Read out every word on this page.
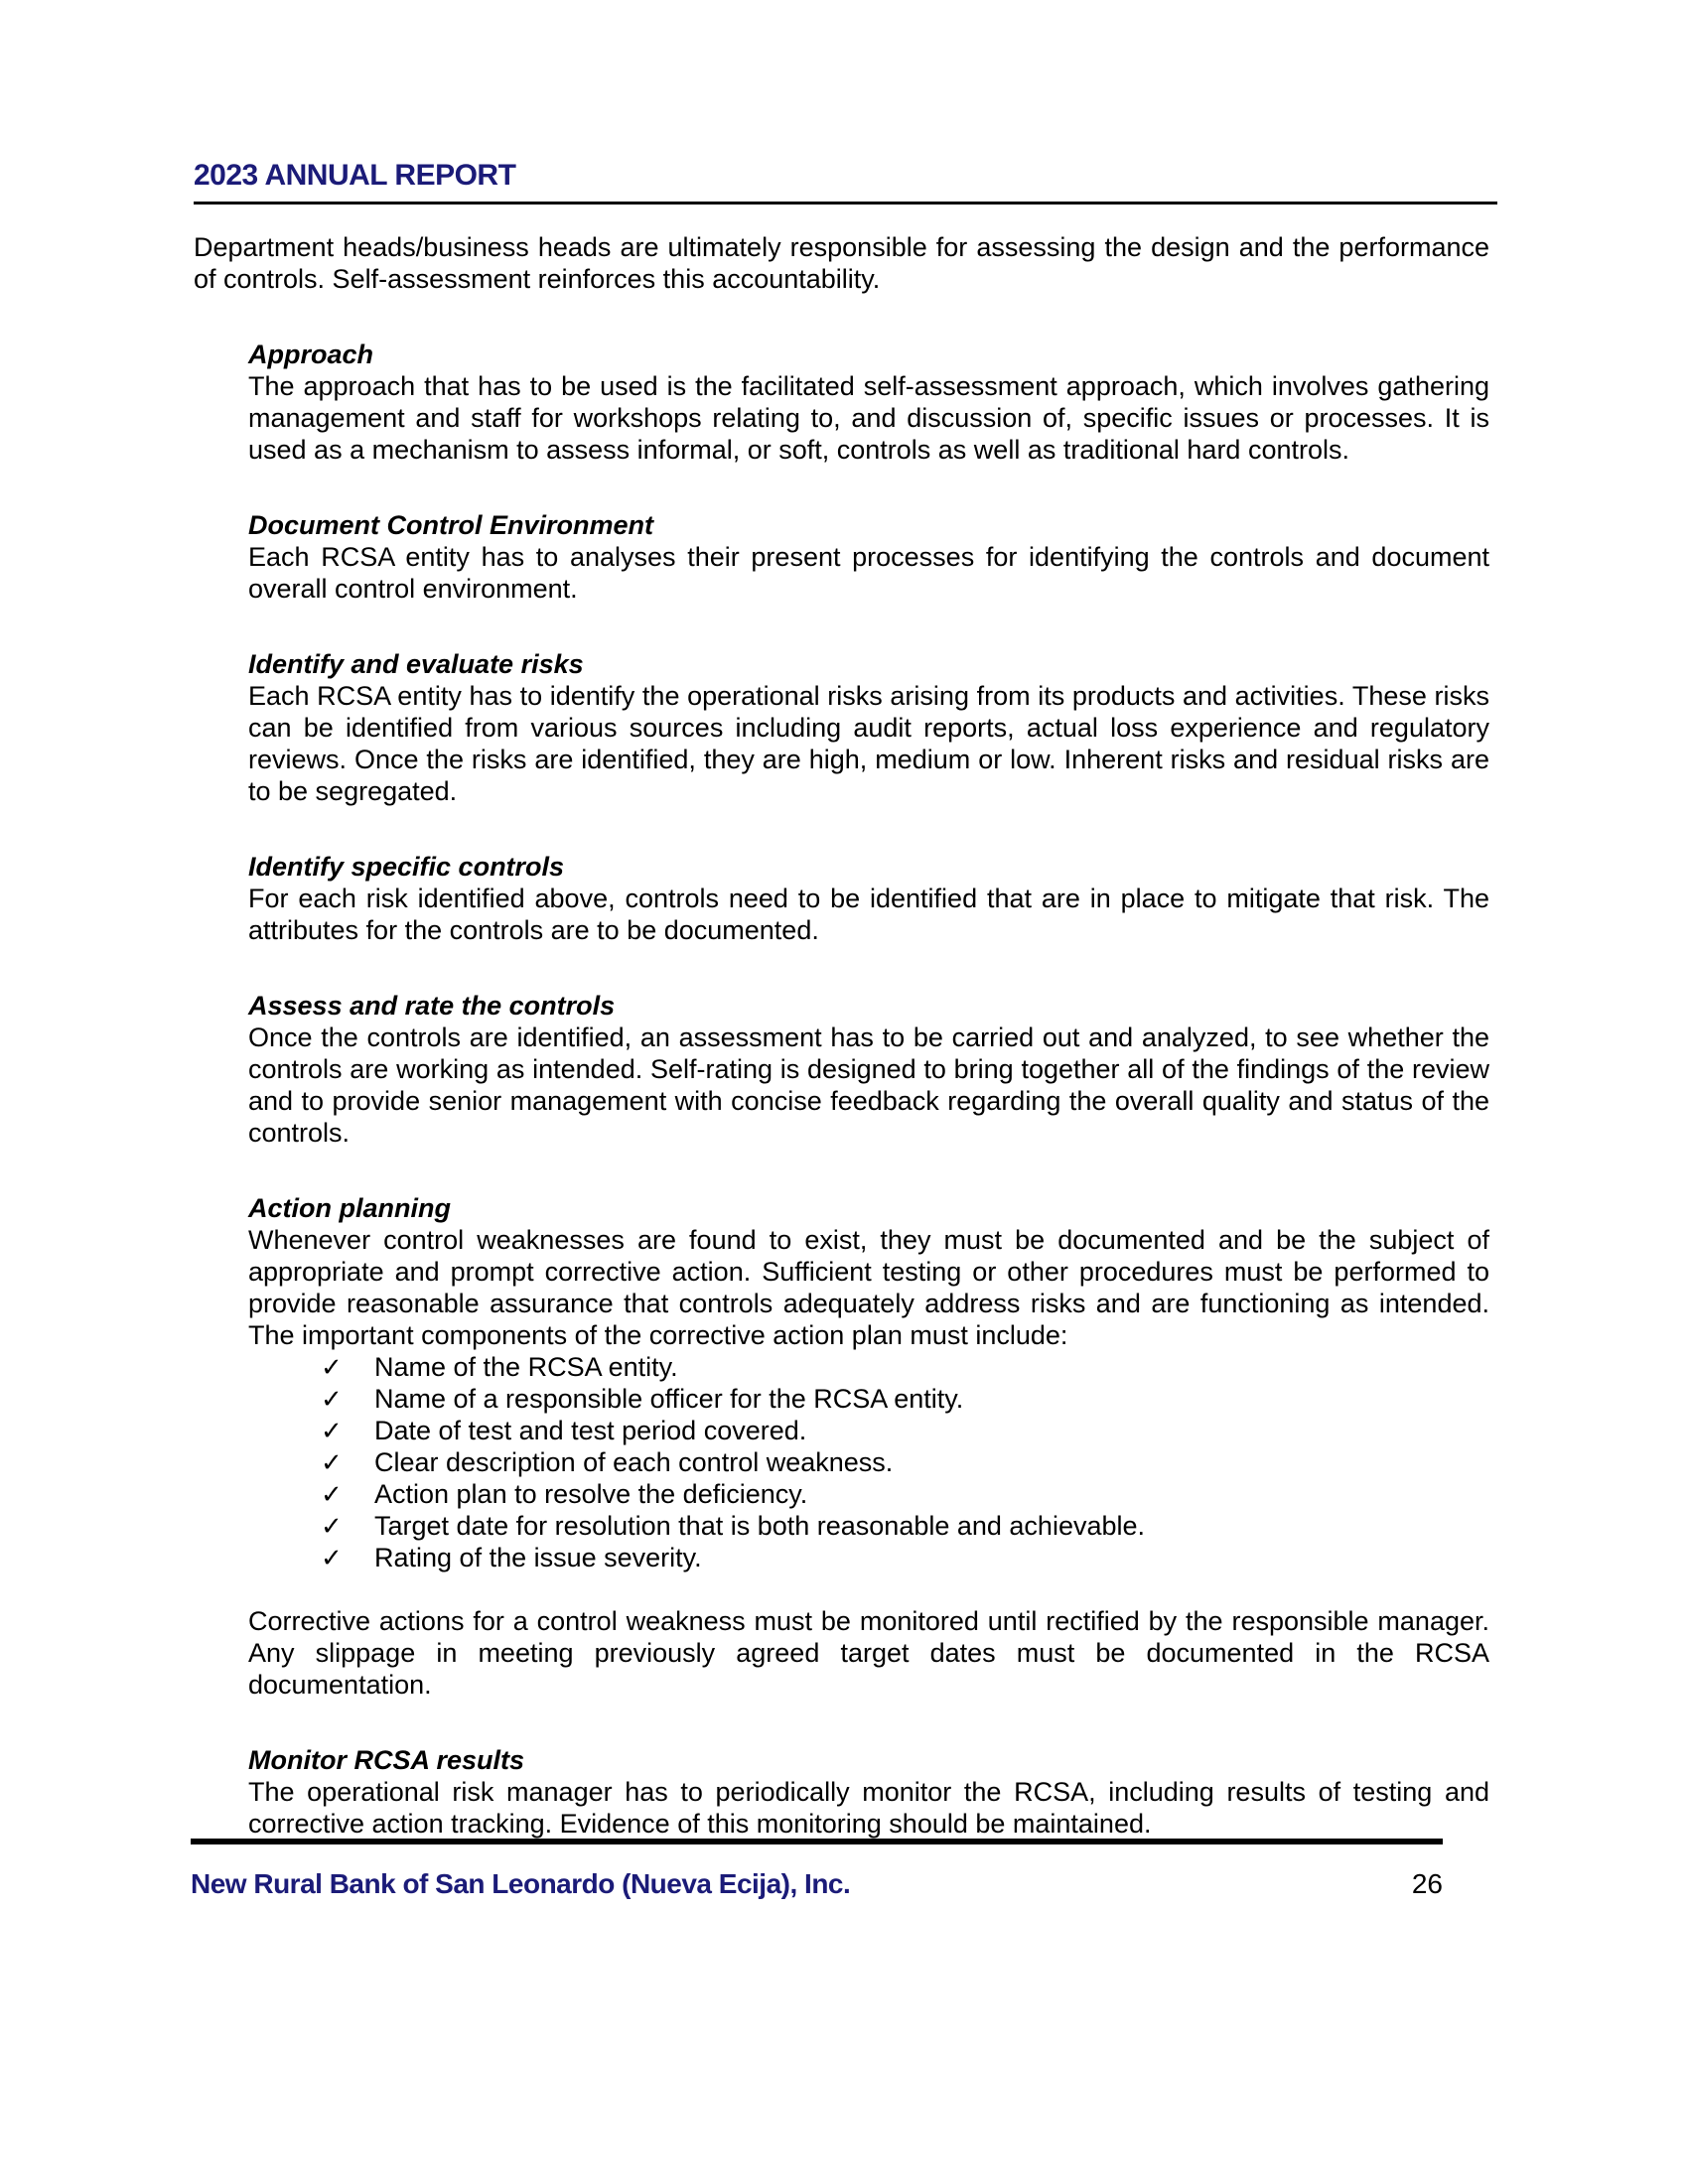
2023 ANNUAL REPORT

Department heads/business heads are ultimately responsible for assessing the design and the performance of controls. Self-assessment reinforces this accountability.

Approach

The approach that has to be used is the facilitated self-assessment approach, which involves gathering management and staff for workshops relating to, and discussion of, specific issues or processes. It is used as a mechanism to assess informal, or soft, controls as well as traditional hard controls.

Document Control Environment

Each RCSA entity has to analyses their present processes for identifying the controls and document overall control environment.

Identify and evaluate risks

Each RCSA entity has to identify the operational risks arising from its products and activities. These risks can be identified from various sources including audit reports, actual loss experience and regulatory reviews. Once the risks are identified, they are high, medium or low. Inherent risks and residual risks are to be segregated.

Identify specific controls

For each risk identified above, controls need to be identified that are in place to mitigate that risk. The attributes for the controls are to be documented.

Assess and rate the controls

Once the controls are identified, an assessment has to be carried out and analyzed, to see whether the controls are working as intended. Self-rating is designed to bring together all of the findings of the review and to provide senior management with concise feedback regarding the overall quality and status of the controls.

Action planning

Whenever control weaknesses are found to exist, they must be documented and be the subject of appropriate and prompt corrective action. Sufficient testing or other procedures must be performed to provide reasonable assurance that controls adequately address risks and are functioning as intended. The important components of the corrective action plan must include:

✓	Name of the RCSA entity.
✓	Name of a responsible officer for the RCSA entity.
✓	Date of test and test period covered.
✓	Clear description of each control weakness.
✓	Action plan to resolve the deficiency.
✓	Target date for resolution that is both reasonable and achievable.
✓	Rating of the issue severity.

Corrective actions for a control weakness must be monitored until rectified by the responsible manager. Any slippage in meeting previously agreed target dates must be documented in the RCSA documentation.

Monitor RCSA results

The operational risk manager has to periodically monitor the RCSA, including results of testing and corrective action tracking. Evidence of this monitoring should be maintained.

New Rural Bank of San Leonardo (Nueva Ecija), Inc.	26
